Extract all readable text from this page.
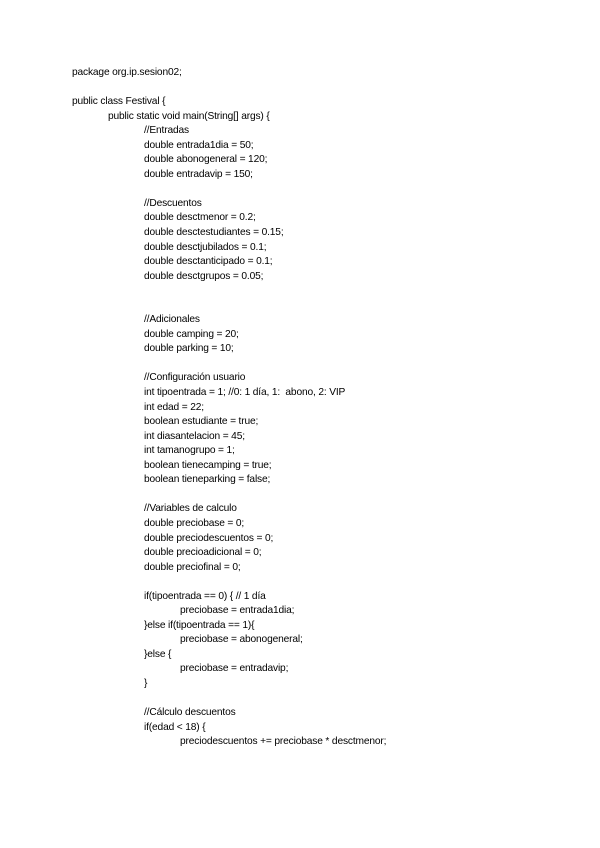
package org.ip.sesion02;
public class Festival {
public static void main(String[] args) {
//Entradas
double entrada1dia = 50;
double abonogeneral = 120;
double entradavip = 150;
//Descuentos
double desctmenor = 0.2;
double desctestudiantes = 0.15;
double desctjubilados = 0.1;
double desctanticipado = 0.1;
double desctgrupos = 0.05;
//Adicionales
double camping = 20;
double parking = 10;
//Configuración usuario
int tipoentrada = 1; //0: 1 día, 1:  abono, 2: VIP
int edad = 22;
boolean estudiante = true;
int diasantelacion = 45;
int tamanogrupo = 1;
boolean tienecamping = true;
boolean tieneparking = false;
//Variables de calculo
double preciobase = 0;
double preciodescuentos = 0;
double precioadicional = 0;
double preciofinal = 0;
if(tipoentrada == 0) { // 1 día
preciobase = entrada1dia;
}else if(tipoentrada == 1){
preciobase = abonogeneral;
}else {
preciobase = entradavip;
}
//Cálculo descuentos
if(edad < 18) {
preciodescuentos += preciobase * desctmenor;
